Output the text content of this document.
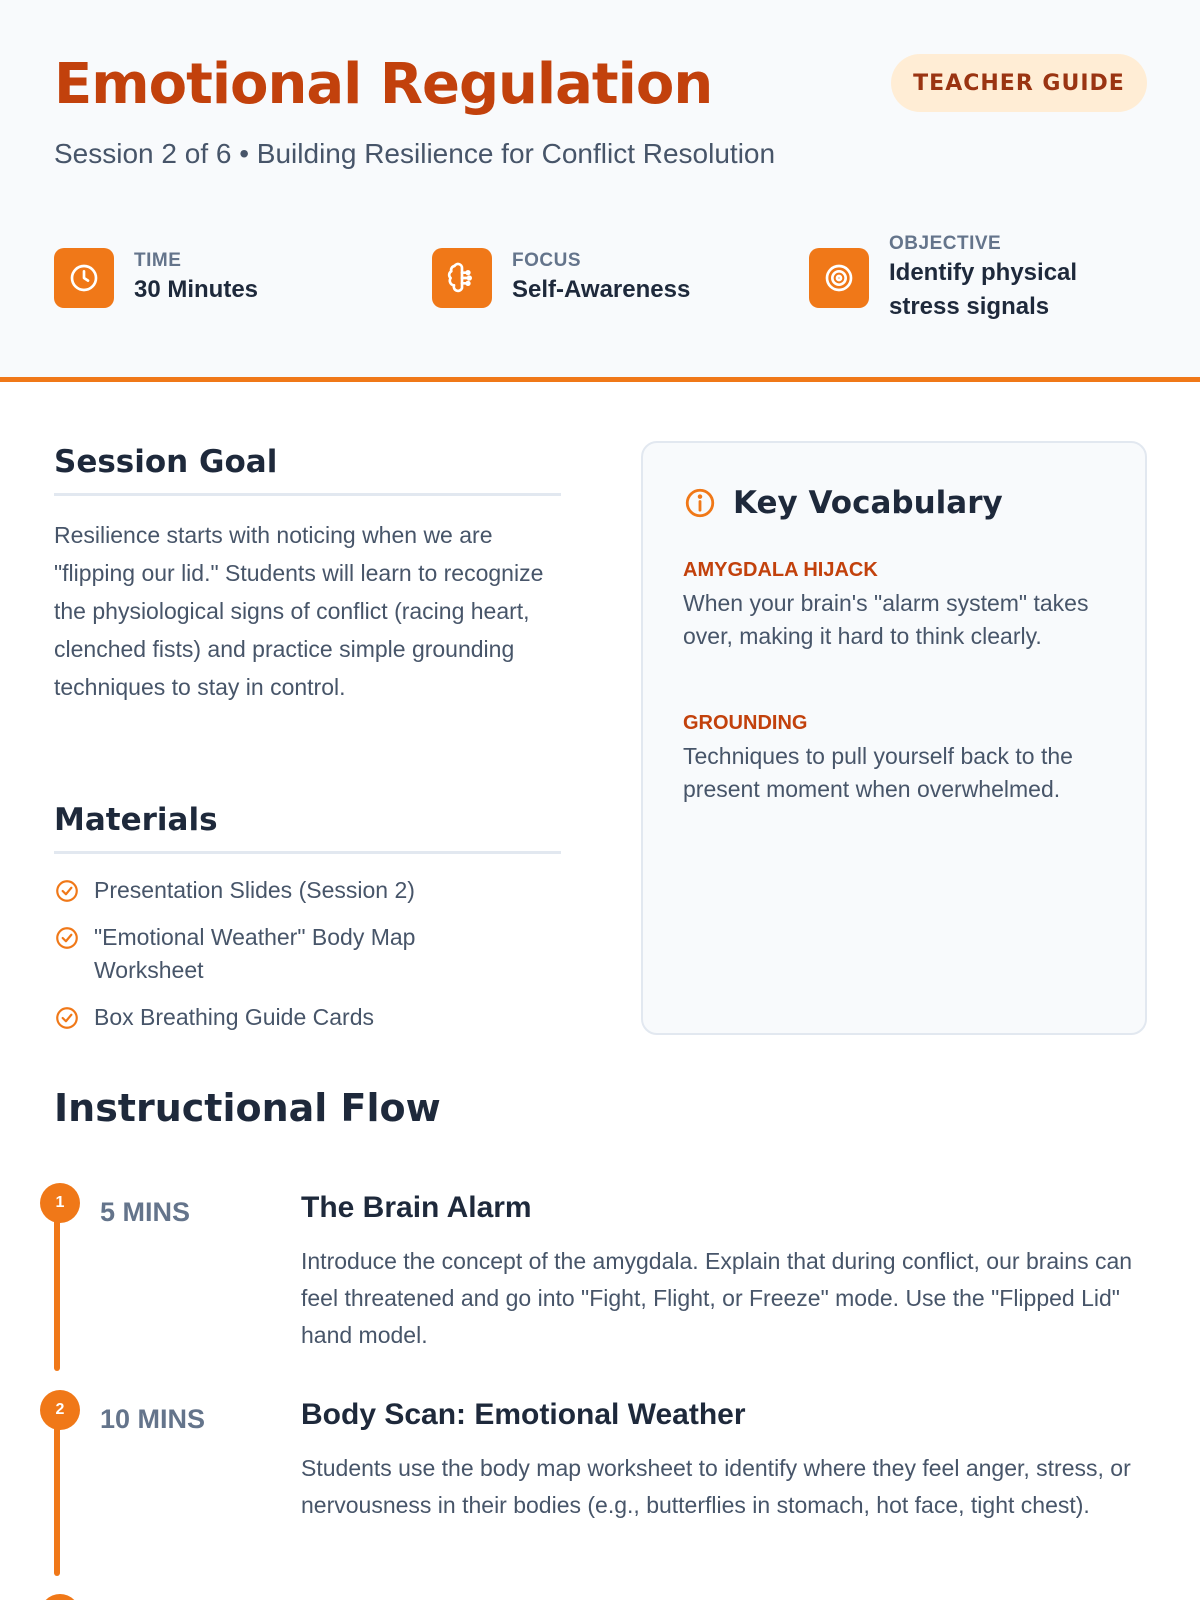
Emotional Regulation	TEACHER GUIDE
Session 2 of 6 • Building Resilience for Conflict Resolution
TIME
30 Minutes
FOCUS
Self-Awareness
OBJECTIVE
Identify physical stress signals
Session Goal
Resilience starts with noticing when we are "flipping our lid." Students will learn to recognize the physiological signs of conflict (racing heart, clenched fists) and practice simple grounding techniques to stay in control.
Materials
Presentation Slides (Session 2)
"Emotional Weather" Body Map Worksheet
Box Breathing Guide Cards
Key Vocabulary
AMYGDALA HIJACK
When your brain's "alarm system" takes over, making it hard to think clearly.
GROUNDING
Techniques to pull yourself back to the present moment when overwhelmed.
Instructional Flow
1	5 MINS	The Brain Alarm
Introduce the concept of the amygdala. Explain that during conflict, our brains can feel threatened and go into "Fight, Flight, or Freeze" mode. Use the "Flipped Lid" hand model.
2	10 MINS	Body Scan: Emotional Weather
Students use the body map worksheet to identify where they feel anger, stress, or nervousness in their bodies (e.g., butterflies in stomach, hot face, tight chest).
